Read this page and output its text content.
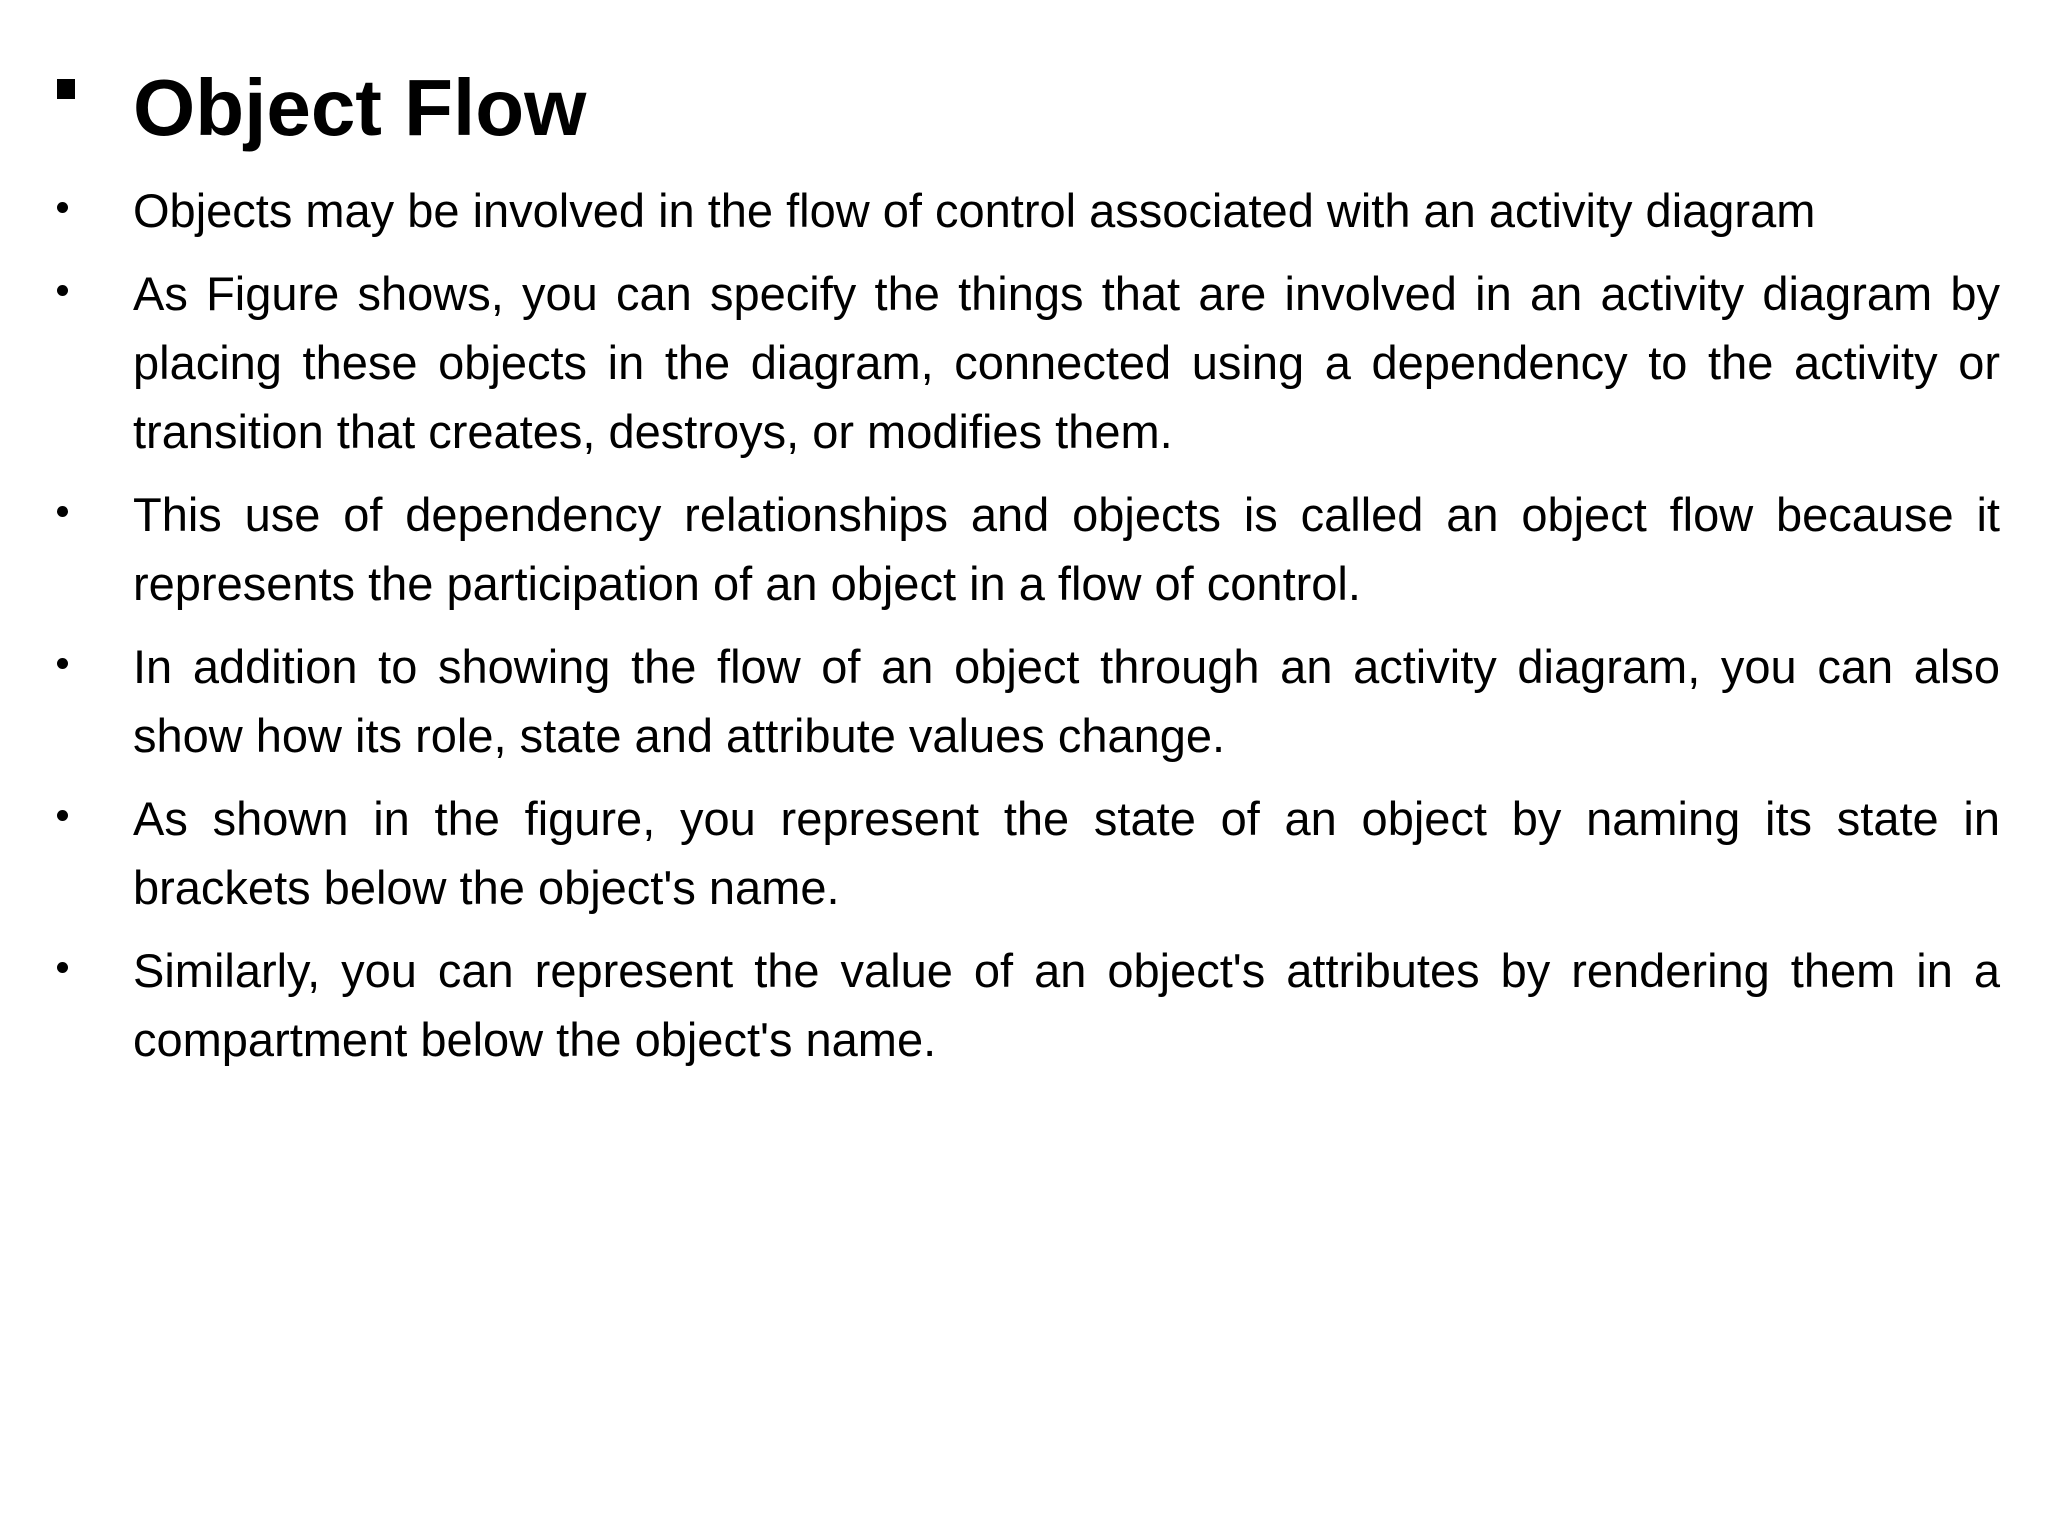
Object Flow
Objects may be involved in the flow of control associated with an activity diagram
As Figure shows, you can specify the things that are involved in an activity diagram by placing these objects in the diagram, connected using a dependency to the activity or transition that creates, destroys, or modifies them.
This use of dependency relationships and objects is called an object flow because it represents the participation of an object in a flow of control.
In addition to showing the flow of an object through an activity diagram, you can also show how its role, state and attribute values change.
As shown in the figure, you represent the state of an object by naming its state in brackets below the object's name.
Similarly, you can represent the value of an object's attributes by rendering them in a compartment below the object's name.
